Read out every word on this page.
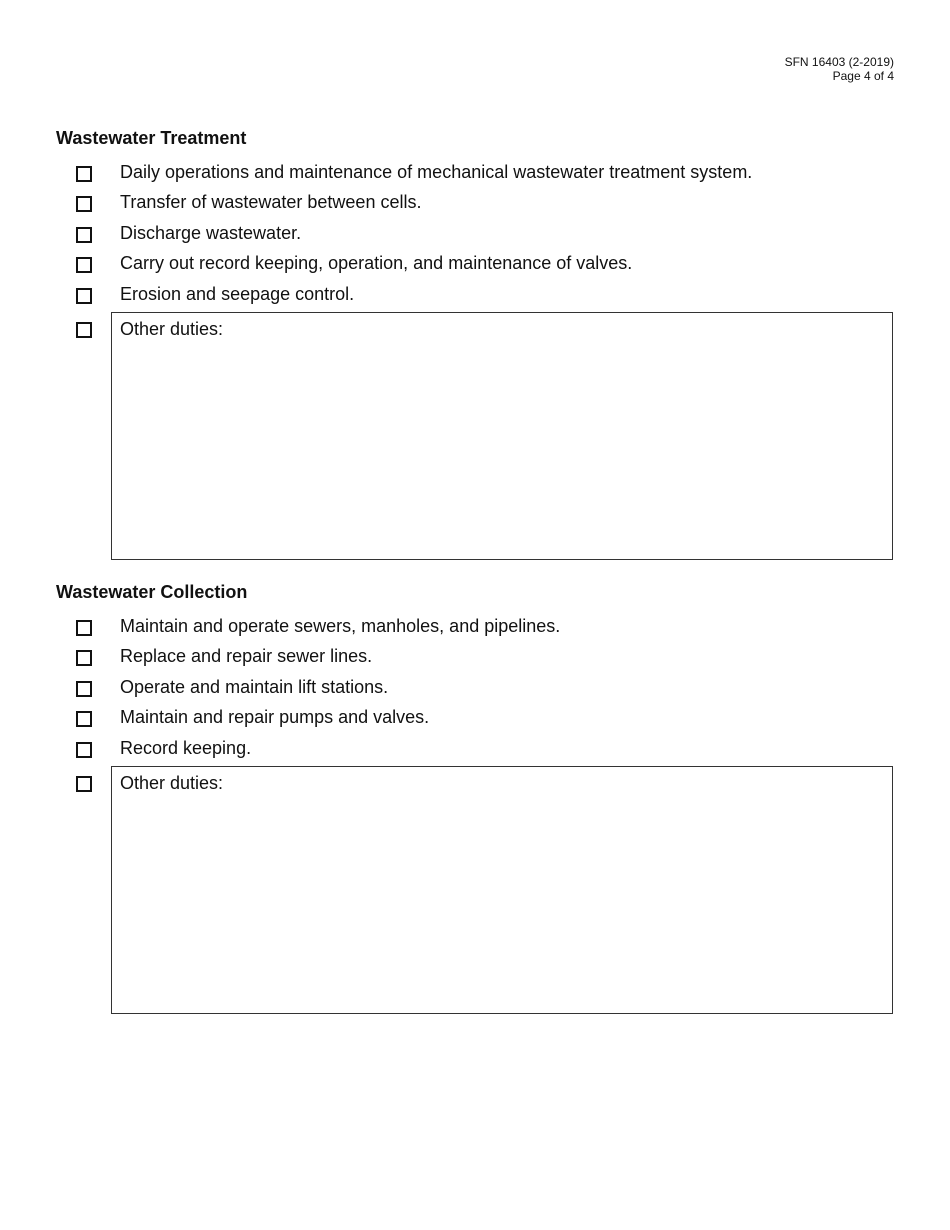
SFN 16403 (2-2019)
Page 4 of 4
Wastewater Treatment
Daily operations and maintenance of mechanical wastewater treatment system.
Transfer of wastewater between cells.
Discharge wastewater.
Carry out record keeping, operation, and maintenance of valves.
Erosion and seepage control.
Other duties:
Wastewater Collection
Maintain and operate sewers, manholes, and pipelines.
Replace and repair sewer lines.
Operate and maintain lift stations.
Maintain and repair pumps and valves.
Record keeping.
Other duties:
